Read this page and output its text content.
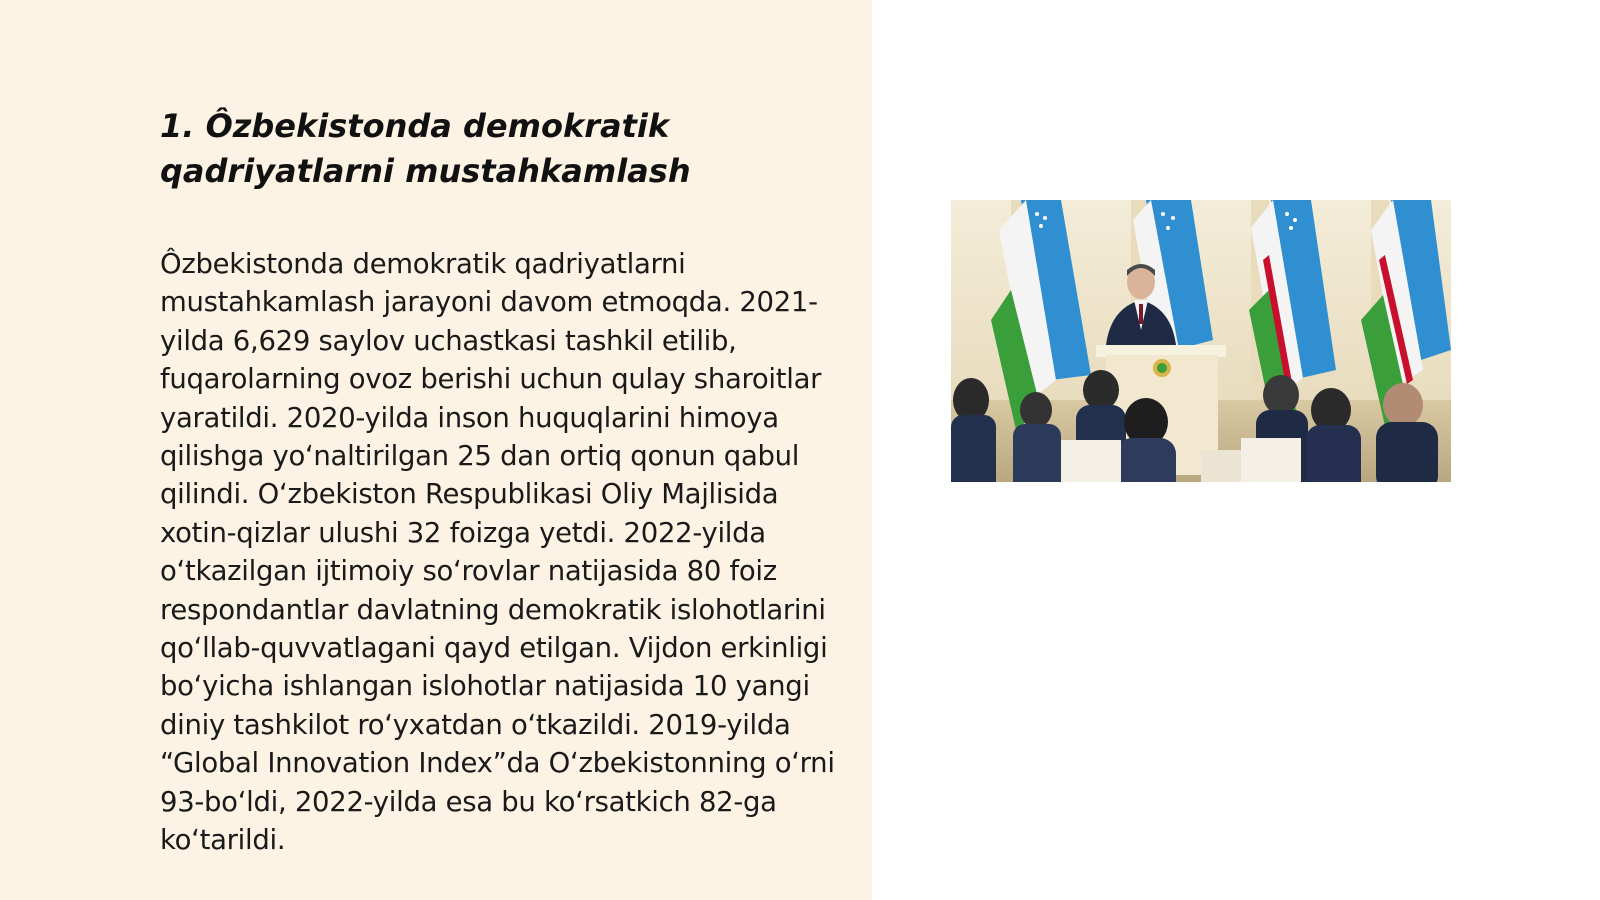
1. Ôzbekistonda demokratik qadriyatlarni mustahkamlash

Ôzbekistonda demokratik qadriyatlarni mustahkamlash jarayoni davom etmoqda. 2021-yilda 6,629 saylov uchastkasi tashkil etilib, fuqarolarning ovoz berishi uchun qulay sharoitlar yaratildi. 2020-yilda inson huquqlarini himoya qilishga yoʻnaltirilgan 25 dan ortiq qonun qabul qilindi. Oʻzbekiston Respublikasi Oliy Majlisida xotin-qizlar ulushi 32 foizga yetdi. 2022-yilda oʻtkazilgan ijtimoiy soʻrovlar natijasida 80 foiz respondantlar davlatning demokratik islohotlarini qoʻllab-quvvatlagani qayd etilgan. Vijdon erkinligi boʻyicha ishlangan islohotlar natijasida 10 yangi diniy tashkilot roʻyxatdan oʻtkazildi. 2019-yilda “Global Innovation Index”da Oʻzbekistonning oʻrni 93-boʻldi, 2022-yilda esa bu koʻrsatkich 82-ga koʻtarildi.
